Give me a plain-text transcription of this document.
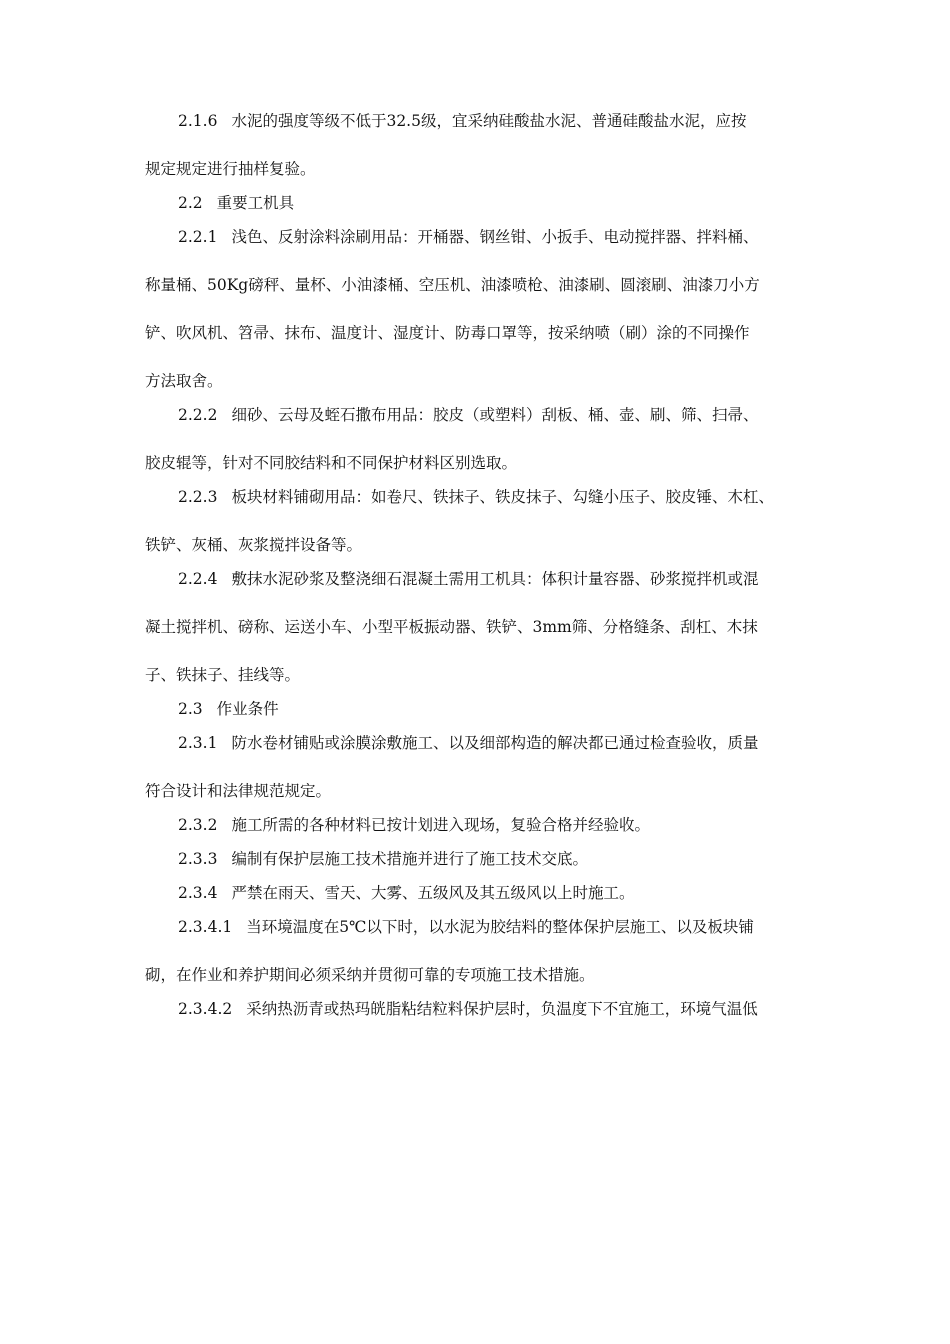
2.1.6 水泥的强度等级不低于32.5级，宜采纳硅酸盐水泥、普通硅酸盐水泥，应按
规定规定进行抽样复验。
2.2 重要工机具
2.2.1 浅色、反射涂料涂刷用品：开桶器、钢丝钳、小扳手、电动搅拌器、拌料桶、
称量桶、50Kg磅秤、量杯、小油漆桶、空压机、油漆喷枪、油漆刷、圆滚刷、油漆刀小方
铲、吹风机、笤帚、抹布、温度计、湿度计、防毒口罩等，按采纳喷（刷）涂的不同操作
方法取舍。
2.2.2 细砂、云母及蛭石撒布用品：胶皮（或塑料）刮板、桶、壶、刷、筛、扫帚、
胶皮辊等，针对不同胶结料和不同保护材料区别选取。
2.2.3 板块材料铺砌用品：如卷尺、铁抹子、铁皮抹子、勾缝小压子、胶皮锤、木杠、
铁铲、灰桶、灰浆搅拌设备等。
2.2.4 敷抹水泥砂浆及整浇细石混凝土需用工机具：体积计量容器、砂浆搅拌机或混
凝土搅拌机、磅称、运送小车、小型平板振动器、铁铲、3mm筛、分格缝条、刮杠、木抹
子、铁抹子、挂线等。
2.3 作业条件
2.3.1 防水卷材铺贴或涂膜涂敷施工、以及细部构造的解决都已通过检查验收，质量
符合设计和法律规范规定。
2.3.2 施工所需的各种材料已按计划进入现场，复验合格并经验收。
2.3.3 编制有保护层施工技术措施并进行了施工技术交底。
2.3.4 严禁在雨天、雪天、大雾、五级风及其五级风以上时施工。
2.3.4.1 当环境温度在5℃以下时，以水泥为胶结料的整体保护层施工、以及板块铺
砌，在作业和养护期间必须采纳并贯彻可靠的专项施工技术措施。
2.3.4.2 采纳热沥青或热玛㿠脂粘结粒料保护层时，负温度下不宜施工，环境气温低
